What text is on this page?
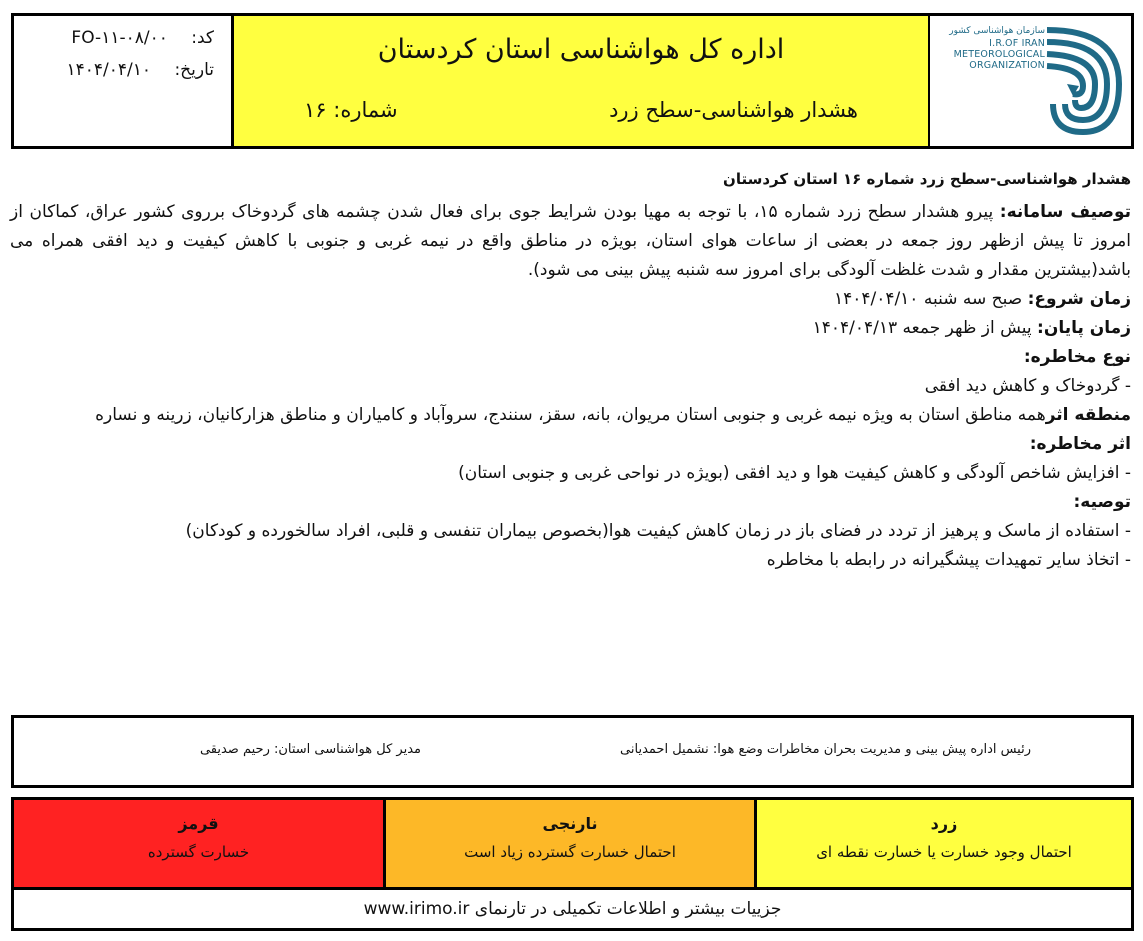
کد: FO-۱۱-۰۸/۰۰
تاریخ: ۱۴۰۴/۰۴/۱۰
اداره کل هواشناسی استان کردستان
هشدار هواشناسی-سطح زرد
شماره: ۱۶
سازمان هواشناسی کشور
I.R.OF IRAN
METEOROLOGICAL
ORGANIZATION
هشدار هواشناسی-سطح زرد شماره ۱۶ استان کردستان

توصیف سامانه: پیرو هشدار سطح زرد شماره ۱۵، با توجه به مهیا بودن شرایط جوی برای فعال شدن چشمه های گردوخاک برروی کشور عراق، کماکان از امروز تا پیش ازظهر روز جمعه در بعضی از ساعات هوای استان، بویژه در مناطق واقع در نیمه غربی و جنوبی با کاهش کیفیت و دید افقی همراه می باشد(بیشترین مقدار و شدت غلظت آلودگی برای امروز سه شنبه پیش بینی می شود).

زمان شروع: صبح سه شنبه ۱۴۰۴/۰۴/۱۰

زمان پایان: پیش از ظهر جمعه ۱۴۰۴/۰۴/۱۳

نوع مخاطره:

- گردوخاک و کاهش دید افقی

منطقه اثرهمه مناطق استان به ویژه نیمه غربی و جنوبی استان مریوان، بانه، سقز، سنندج، سروآباد و کامیاران و مناطق هزارکانیان، زرینه و نساره

اثر مخاطره:

- افزایش شاخص آلودگی و کاهش کیفیت هوا و دید افقی (بویژه در نواحی غربی و جنوبی استان)

توصیه:

- استفاده از ماسک و پرهیز از تردد در فضای باز در زمان کاهش کیفیت هوا(بخصوص بیماران تنفسی و قلبی، افراد سالخورده و کودکان)

- اتخاذ سایر تمهیدات پیشگیرانه در رابطه با مخاطره

رئیس اداره پیش بینی و مدیریت بحران مخاطرات وضع هوا: نشمیل احمدیانی
مدیر کل هواشناسی استان: رحیم صدیقی
زرد
احتمال وجود خسارت یا خسارت نقطه ای
نارنجی
احتمال خسارت گسترده زیاد است
قرمز
خسارت گسترده
جزییات بیشتر و اطلاعات تکمیلی در تارنمای www.irimo.ir
